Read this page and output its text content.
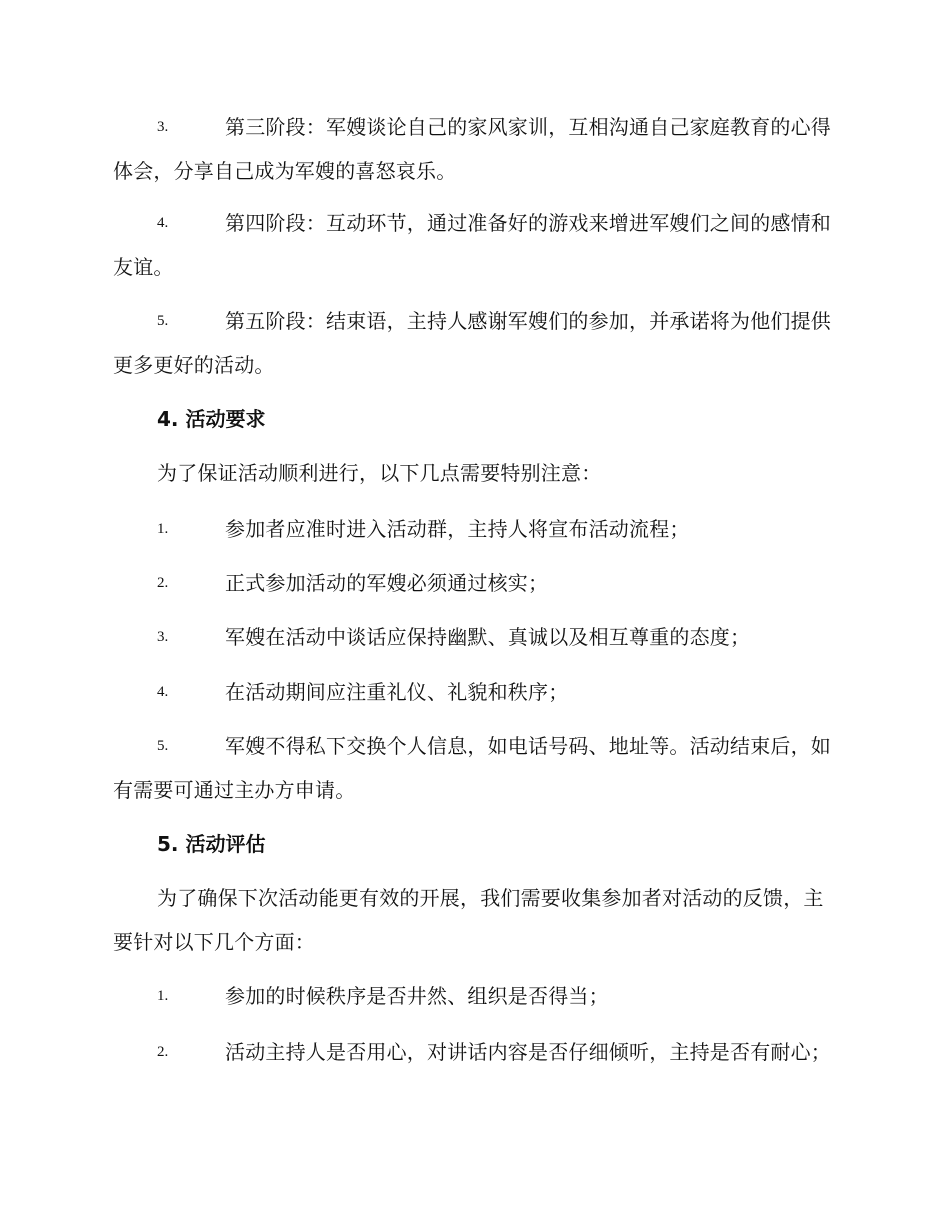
3.	第三阶段：军嫂谈论自己的家风家训，互相沟通自己家庭教育的心得体会，分享自己成为军嫂的喜怒哀乐。
4.	第四阶段：互动环节，通过准备好的游戏来增进军嫂们之间的感情和友谊。
5.	第五阶段：结束语，主持人感谢军嫂们的参加，并承诺将为他们提供更多更好的活动。
4. 活动要求
为了保证活动顺利进行，以下几点需要特别注意：
1.	参加者应准时进入活动群，主持人将宣布活动流程；
2.	正式参加活动的军嫂必须通过核实；
3.	军嫂在活动中谈话应保持幽默、真诚以及相互尊重的态度；
4.	在活动期间应注重礼仪、礼貌和秩序；
5.	军嫂不得私下交换个人信息，如电话号码、地址等。活动结束后，如有需要可通过主办方申请。
5. 活动评估
为了确保下次活动能更有效的开展，我们需要收集参加者对活动的反馈，主要针对以下几个方面：
1.	参加的时候秩序是否井然、组织是否得当；
2.	活动主持人是否用心，对讲话内容是否仔细倾听，主持是否有耐心；
